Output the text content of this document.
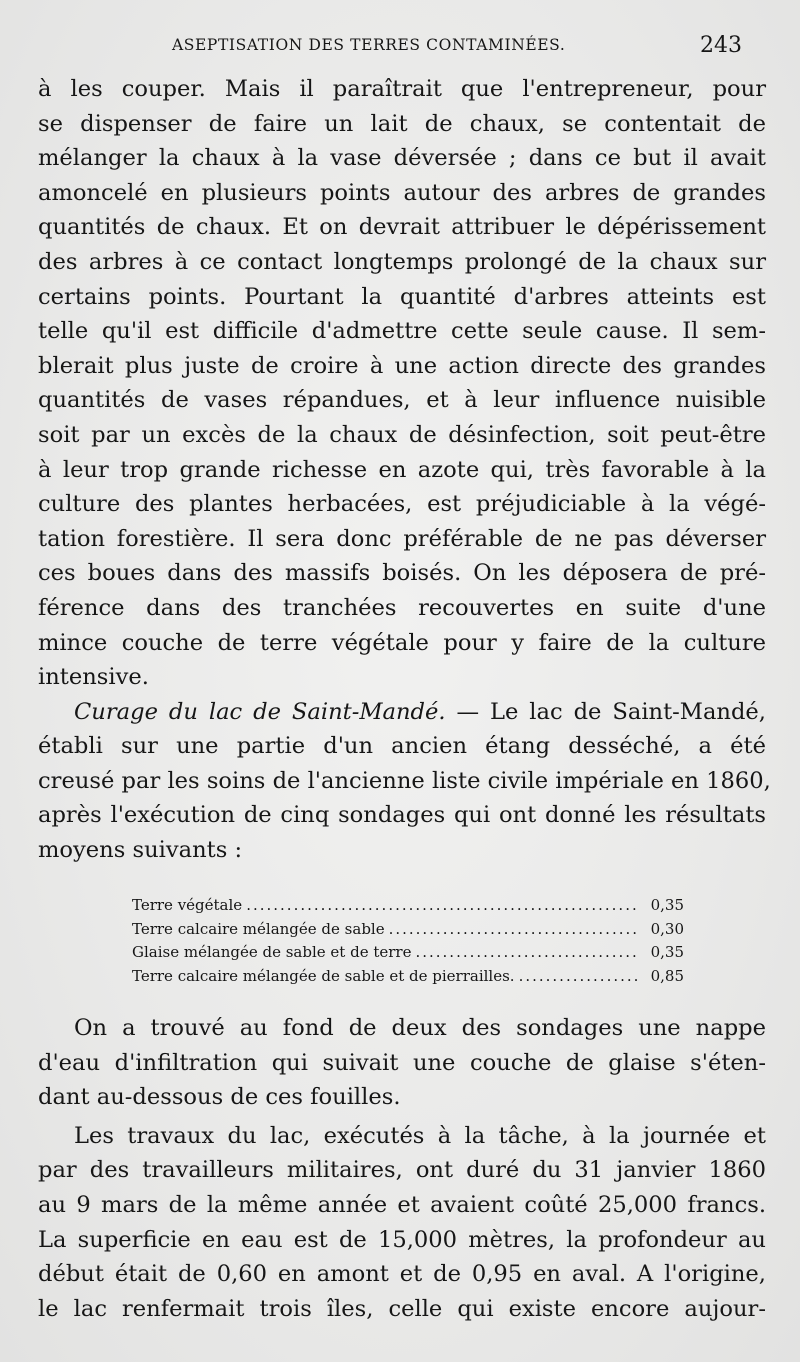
ASEPTISATION DES TERRES CONTAMINÉES.	243
à les couper. Mais il paraîtrait que l'entrepreneur, pour
se dispenser de faire un lait de chaux, se contentait de
mélanger la chaux à la vase déversée ; dans ce but il avait
amoncelé en plusieurs points autour des arbres de grandes
quantités de chaux. Et on devrait attribuer le dépérissement
des arbres à ce contact longtemps prolongé de la chaux sur
certains points. Pourtant la quantité d'arbres atteints est
telle qu'il est difficile d'admettre cette seule cause. Il sem-
blerait plus juste de croire à une action directe des grandes
quantités de vases répandues, et à leur influence nuisible
soit par un excès de la chaux de désinfection, soit peut-être
à leur trop grande richesse en azote qui, très favorable à la
culture des plantes herbacées, est préjudiciable à la végé-
tation forestière. Il sera donc préférable de ne pas déverser
ces boues dans des massifs boisés. On les déposera de pré-
férence dans des tranchées recouvertes en suite d'une
mince couche de terre végétale pour y faire de la culture
intensive.
Curage du lac de Saint-Mandé. — Le lac de Saint-Mandé,
établi sur une partie d'un ancien étang desséché, a été
creusé par les soins de l'ancienne liste civile impériale en 1860,
après l'exécution de cinq sondages qui ont donné les résultats
moyens suivants :
Terre végétale .....	0,35
Terre calcaire mélangée de sable .....	0,30
Glaise mélangée de sable et de terre .....	0,35
Terre calcaire mélangée de sable et de pierrailles. .....	0,85
On a trouvé au fond de deux des sondages une nappe
d'eau d'infiltration qui suivait une couche de glaise s'éten-
dant au-dessous de ces fouilles.
Les travaux du lac, exécutés à la tâche, à la journée et
par des travailleurs militaires, ont duré du 31 janvier 1860
au 9 mars de la même année et avaient coûté 25,000 francs.
La superficie en eau est de 15,000 mètres, la profondeur au
début était de 0,60 en amont et de 0,95 en aval. A l'origine,
le lac renfermait trois îles, celle qui existe encore aujour-
